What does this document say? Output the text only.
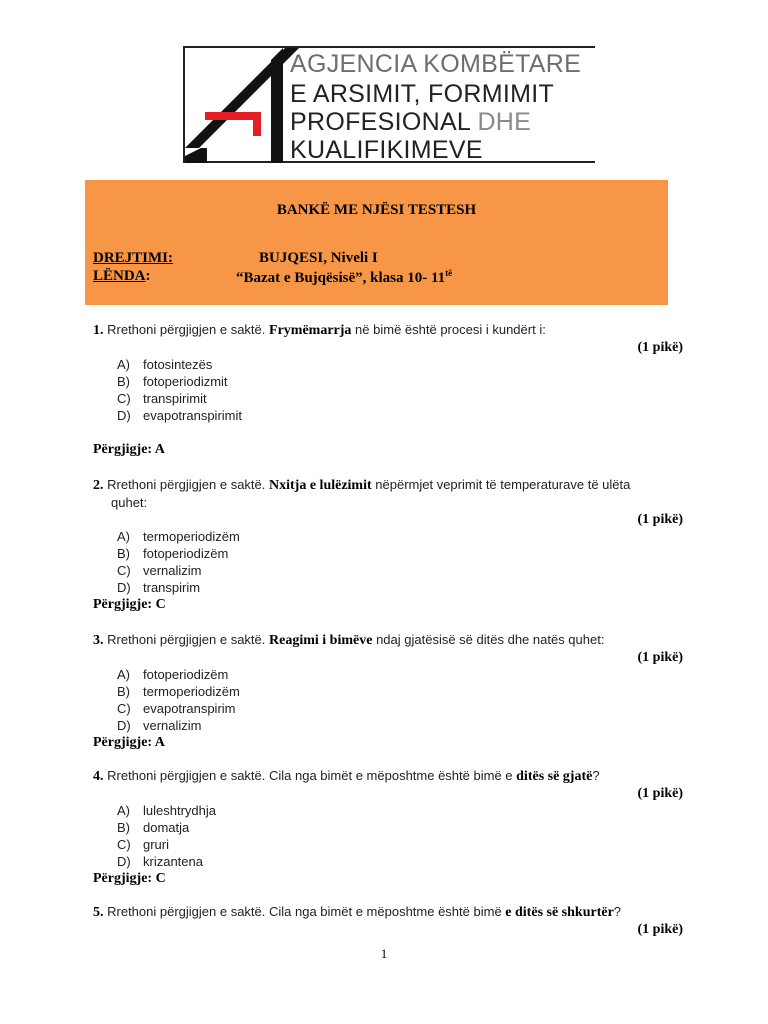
AGJENCIA KOMBËTARE
E ARSIMIT, FORMIMIT
PROFESIONAL DHE
KUALIFIKIMEVE
BANKË ME NJËSI TESTESH
DREJTIMI:	BUJQESI, Niveli I
LËNDA:	“Bazat e Bujqësisë”, klasa 10- $11^{të}$
1. Rrethoni përgjigjen e saktë. Frymëmarrja në bimë është procesi i kundërt i:
(1 pikë)
A) fotosintezës
B) fotoperiodizmit
C) transpirimit
D) evapotranspirimit
Përgjigje: A
2. Rrethoni përgjigjen e saktë. Nxitja e lulëzimit nëpërmjet veprimit të temperaturave të ulëta
quhet:
(1 pikë)
A) termoperiodizëm
B) fotoperiodizëm
C) vernalizim
D) transpirim
Përgjigje: C
3. Rrethoni përgjigjen e saktë. Reagimi i bimëve ndaj gjatësisë së ditës dhe natës quhet:
(1 pikë)
A) fotoperiodizëm
B) termoperiodizëm
C) evapotranspirim
D) vernalizim
Përgjigje: A
4. Rrethoni përgjigjen e saktë. Cila nga bimët e mëposhtme është bimë e ditës së gjatë?
(1 pikë)
A) luleshtrydhja
B) domatja
C) gruri
D) krizantena
Përgjigje: C
5. Rrethoni përgjigjen e saktë. Cila nga bimët e mëposhtme është bimë e ditës së shkurtër?
(1 pikë)
1
